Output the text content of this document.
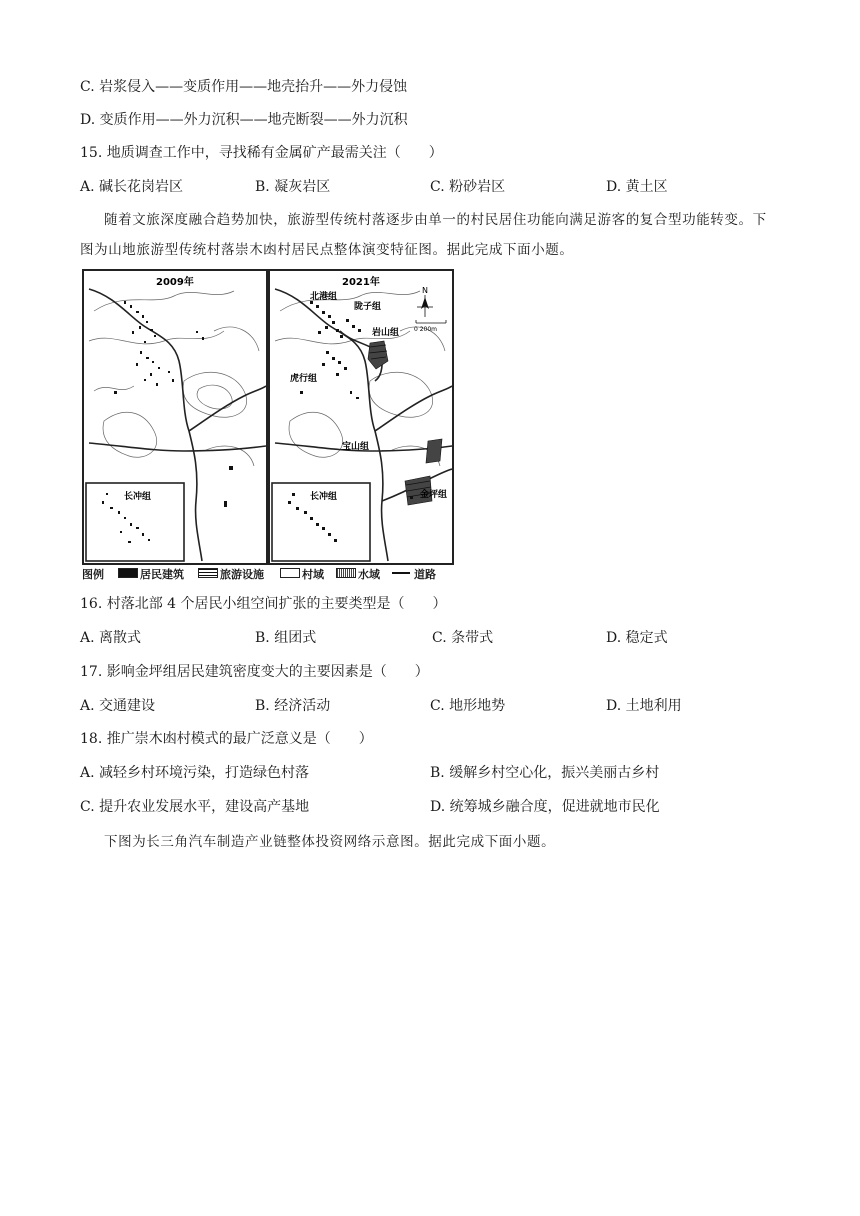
C. 岩浆侵入——变质作用——地壳抬升——外力侵蚀
D. 变质作用——外力沉积——地壳断裂——外力沉积
15. 地质调查工作中，寻找稀有金属矿产最需关注（　　）
A. 碱长花岗岩区	B. 凝灰岩区	C. 粉砂岩区	D. 黄土区
随着文旅深度融合趋势加快，旅游型传统村落逐步由单一的村民居住功能向满足游客的复合型功能转变。下图为山地旅游型传统村落崇木凼村居民点整体演变特征图。据此完成下面小题。
2009年
长冲组
2021年
北港组
陇子组
岩山组
虎行组
宝山组
金坪组
长冲组
N
0 200m
图例	居民建筑	旅游设施	村域	水域	道路
16. 村落北部 4 个居民小组空间扩张的主要类型是（　　）
A. 离散式	B. 组团式	C. 条带式	D. 稳定式
17. 影响金坪组居民建筑密度变大的主要因素是（　　）
A. 交通建设	B. 经济活动	C. 地形地势	D. 土地利用
18. 推广崇木凼村模式的最广泛意义是（　　）
A. 减轻乡村环境污染，打造绿色村落	B. 缓解乡村空心化，振兴美丽古乡村
C. 提升农业发展水平，建设高产基地	D. 统筹城乡融合度，促进就地市民化
下图为长三角汽车制造产业链整体投资网络示意图。据此完成下面小题。
